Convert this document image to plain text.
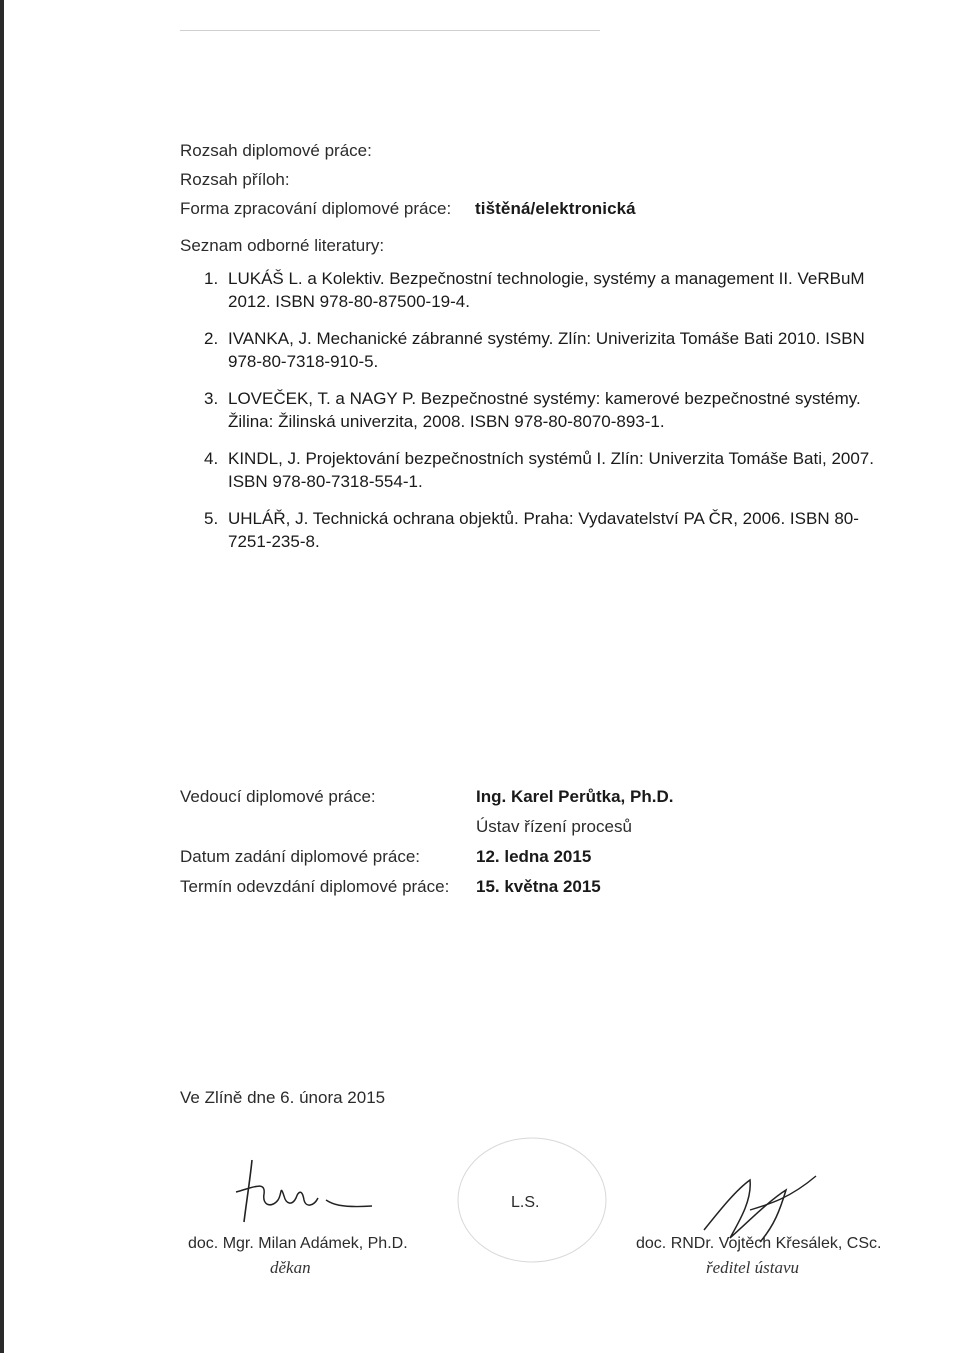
Rozsah diplomové práce:
Rozsah příloh:
Forma zpracování diplomové práce:	tištěná/elektronická
Seznam odborné literatury:
1. LUKÁŠ L. a Kolektiv. Bezpečnostní technologie, systémy a management II. VeRBuM 2012. ISBN 978-80-87500-19-4.
2. IVANKA, J. Mechanické zábranné systémy. Zlín: Univerizita Tomáše Bati 2010. ISBN 978-80-7318-910-5.
3. LOVEČEK, T. a NAGY P. Bezpečnostné systémy: kamerové bezpečnostné systémy. Žilina: Žilinská univerzita, 2008. ISBN 978-80-8070-893-1.
4. KINDL, J. Projektování bezpečnostních systémů I. Zlín: Univerzita Tomáše Bati, 2007. ISBN 978-80-7318-554-1.
5. UHLÁŘ, J. Technická ochrana objektů. Praha: Vydavatelství PA ČR, 2006. ISBN 80-7251-235-8.
Vedoucí diplomové práce:	Ing. Karel Perůtka, Ph.D.
Ústav řízení procesů
Datum zadání diplomové práce:	12. ledna 2015
Termín odevzdání diplomové práce:	15. května 2015
Ve Zlíně dne 6. února 2015
L.S.
doc. Mgr. Milan Adámek, Ph.D.
děkan
doc. RNDr. Vojtěch Křesálek, CSc.
ředitel ústavu
